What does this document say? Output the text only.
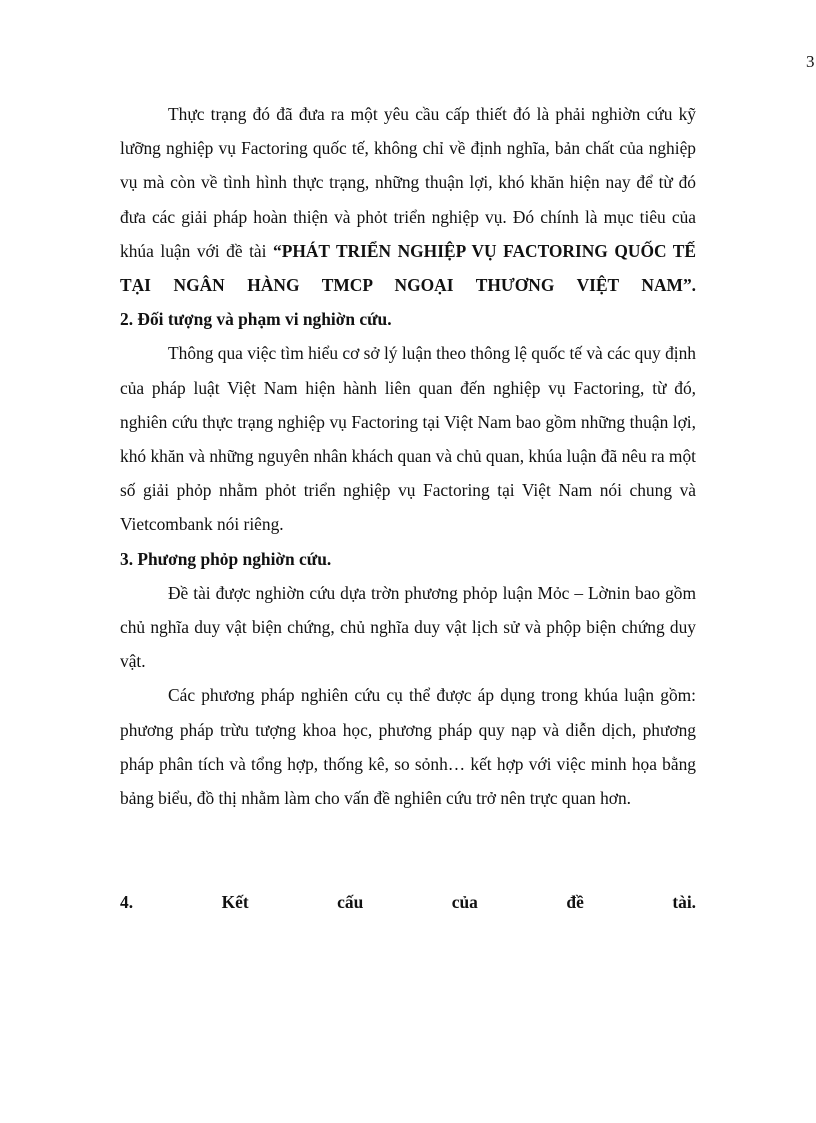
3

Thực trạng đó đã đưa ra một yêu cầu cấp thiết đó là phải nghiờn cứu kỹ lưỡng nghiệp vụ Factoring quốc tế, không chỉ về định nghĩa, bản chất của nghiệp vụ mà còn về tình hình thực trạng, những thuận lợi, khó khăn hiện nay để từ đó đưa các giải pháp hoàn thiện và phỏt triển nghiệp vụ. Đó chính là mục tiêu của khúa luận với đề tài “PHÁT TRIỂN NGHIỆP VỤ FACTORING QUỐC TẾ TẠI NGÂN HÀNG TMCP NGOẠI THƯƠNG VIỆT NAM”.

2. Đối tượng và phạm vi nghiờn cứu.

Thông qua việc tìm hiểu cơ sở lý luận theo thông lệ quốc tế và các quy định của pháp luật Việt Nam hiện hành liên quan đến nghiệp vụ Factoring, từ đó, nghiên cứu thực trạng nghiệp vụ Factoring tại Việt Nam bao gồm những thuận lợi, khó khăn và những nguyên nhân khách quan và chủ quan, khúa luận đã nêu ra một số giải phỏp nhằm phỏt triển nghiệp vụ Factoring tại Việt Nam nói chung và Vietcombank nói riêng.

3. Phương phỏp nghiờn cứu.

Đề tài được nghiờn cứu dựa trờn phương phỏp luận Mỏc – Lờnin bao gồm chủ nghĩa duy vật biện chứng, chủ nghĩa duy vật lịch sử và phộp biện chứng duy vật.

Các phương pháp nghiên cứu cụ thể được áp dụng trong khúa luận gồm: phương pháp trừu tượng khoa học, phương pháp quy nạp và diễn dịch, phương pháp phân tích và tổng hợp, thống kê, so sỏnh… kết hợp với việc minh họa bằng bảng biểu, đồ thị nhằm làm cho vấn đề nghiên cứu trở nên trực quan hơn.

4. Kết cấu của đề tài.
